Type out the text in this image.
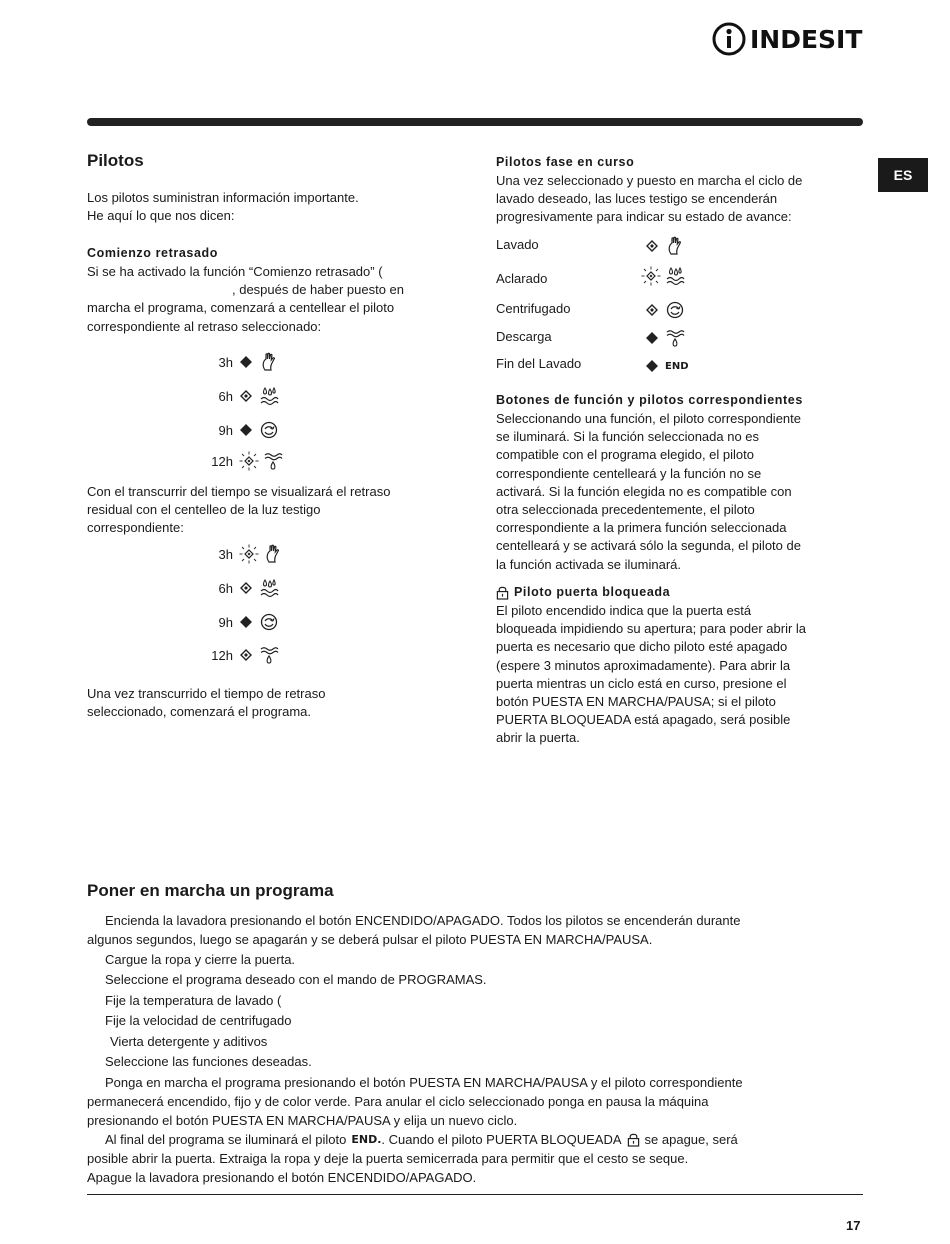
INDESIT
ES
Pilotos

Los pilotos suministran información importante.

He aquí lo que nos dicen:

Comienzo retrasado

Si se ha activado la función “Comienzo retrasado” (

, después de haber puesto en

marcha el programa, comenzará a centellear el piloto

correspondiente al retraso seleccionado:

3h
6h
9h
12h

Con el transcurrir del tiempo se visualizará el retraso

residual con el centelleo de la luz testigo

correspondiente:

3h
6h
9h
12h

Una vez transcurrido el tiempo de retraso

seleccionado, comenzará el programa.

Pilotos fase en curso

Una vez seleccionado y puesto en marcha el ciclo de

lavado deseado, las luces testigo se encenderán

progresivamente para indicar su estado de avance:

Lavado
Aclarado
Centrifugado
Descarga
Fin del Lavado	END

Botones de función y pilotos correspondientes

Seleccionando una función, el piloto correspondiente

se iluminará. Si la función seleccionada no es

compatible con el programa elegido, el piloto

correspondiente centelleará y la función no se

activará. Si la función elegida no es compatible con

otra seleccionada precedentemente, el piloto

correspondiente a la primera función seleccionada

centelleará y se activará sólo la segunda, el piloto de

la función activada se iluminará.

Piloto puerta bloqueada

El piloto encendido indica que la puerta está

bloqueada impidiendo su apertura; para poder abrir la

puerta es necesario que dicho piloto esté apagado

(espere 3 minutos aproximadamente). Para abrir la

puerta mientras un ciclo está en curso, presione el

botón PUESTA EN MARCHA/PAUSA; si el piloto

PUERTA BLOQUEADA está apagado, será posible

abrir la puerta.

Poner en marcha un programa

Encienda la lavadora presionando el botón ENCENDIDO/APAGADO. Todos los pilotos se encenderán durante

algunos segundos, luego se apagarán y se deberá pulsar el piloto PUESTA EN MARCHA/PAUSA.

Cargue la ropa y cierre la puerta.

Seleccione el programa deseado con el mando de PROGRAMAS.

Fije la temperatura de lavado (

Fije la velocidad de centrifugado

Vierta detergente y aditivos

Seleccione las funciones deseadas.

Ponga en marcha el programa presionando el botón PUESTA EN MARCHA/PAUSA y el piloto correspondiente

permanecerá encendido, fijo y de color verde. Para anular el ciclo seleccionado ponga en pausa la máquina

presionando el botón PUESTA EN MARCHA/PAUSA y elija un nuevo ciclo.

Al final del programa se iluminará el piloto END. . Cuando el piloto PUERTA BLOQUEADA se apague, será

posible abrir la puerta. Extraiga la ropa y deje la puerta semicerrada para permitir que el cesto se seque.

Apague la lavadora presionando el botón ENCENDIDO/APAGADO.

17
